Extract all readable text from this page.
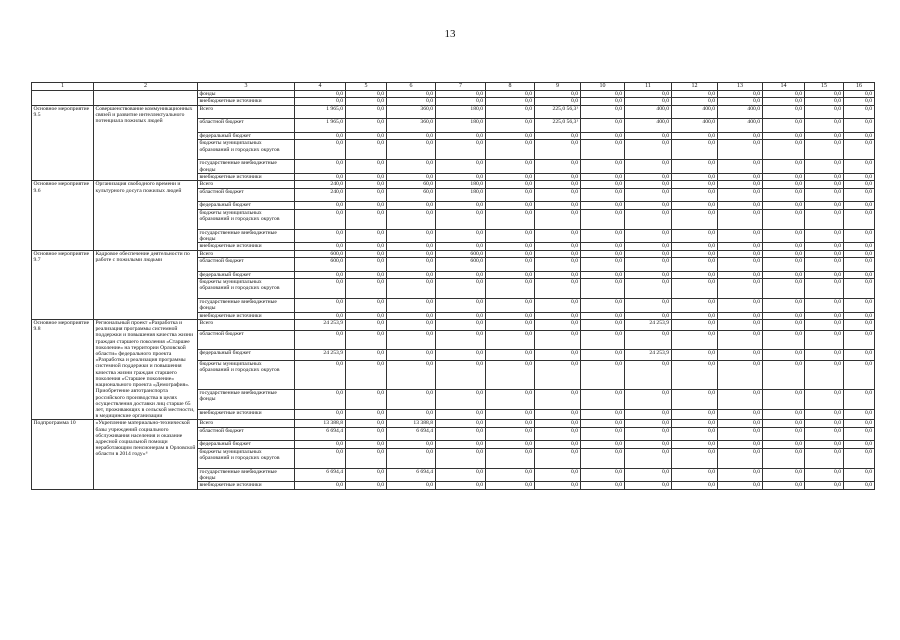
13
1	2	3	4	5	6	7	8	9	10	11	12	13	14	15	16
		фонды	0,0	0,0	0,0	0,0	0,0	0,0	0,0	0,0	0,0	0,0	0,0	0,0	0,0
		внебюджетные источники	0,0	0,0	0,0	0,0	0,0	0,0	0,0	0,0	0,0	0,0	0,0	0,0	0,0
Основное мероприятие 9.5	Совершенствование коммуникационных связей и развитие интеллектуального потенциала пожилых людей	Всего	1 965,0	0,0	360,0	180,0	0,0	225,0 56,3¹	0,0	400,0	400,0	400,0	0,0	0,0	0,0
		областной бюджет	1 965,0	0,0	360,0	180,0	0,0	225,0 56,3¹	0,0	400,0	400,0	400,0	0,0	0,0	0,0
		федеральный бюджет	0,0	0,0	0,0	0,0	0,0	0,0	0,0	0,0	0,0	0,0	0,0	0,0	0,0
		бюджеты муниципальных образований и городских округов	0,0	0,0	0,0	0,0	0,0	0,0	0,0	0,0	0,0	0,0	0,0	0,0	0,0
		государственные внебюджетные фонды	0,0	0,0	0,0	0,0	0,0	0,0	0,0	0,0	0,0	0,0	0,0	0,0	0,0
		внебюджетные источники	0,0	0,0	0,0	0,0	0,0	0,0	0,0	0,0	0,0	0,0	0,0	0,0	0,0
Основное мероприятие 9.6	Организация свободного времени и культурного досуга пожилых людей	Всего	240,0	0,0	60,0	180,0	0,0	0,0	0,0	0,0	0,0	0,0	0,0	0,0	0,0
		областной бюджет	240,0	0,0	60,0	180,0	0,0	0,0	0,0	0,0	0,0	0,0	0,0	0,0	0,0
		федеральный бюджет	0,0	0,0	0,0	0,0	0,0	0,0	0,0	0,0	0,0	0,0	0,0	0,0	0,0
		бюджеты муниципальных образований и городских округов	0,0	0,0	0,0	0,0	0,0	0,0	0,0	0,0	0,0	0,0	0,0	0,0	0,0
		государственные внебюджетные фонды	0,0	0,0	0,0	0,0	0,0	0,0	0,0	0,0	0,0	0,0	0,0	0,0	0,0
		внебюджетные источники	0,0	0,0	0,0	0,0	0,0	0,0	0,0	0,0	0,0	0,0	0,0	0,0	0,0
Основное мероприятие 9.7	Кадровое обеспечение деятельности по работе с пожилыми людьми	Всего	600,0	0,0	0,0	600,0	0,0	0,0	0,0	0,0	0,0	0,0	0,0	0,0	0,0
		областной бюджет	600,0	0,0	0,0	600,0	0,0	0,0	0,0	0,0	0,0	0,0	0,0	0,0	0,0
		федеральный бюджет	0,0	0,0	0,0	0,0	0,0	0,0	0,0	0,0	0,0	0,0	0,0	0,0	0,0
		бюджеты муниципальных образований и городских округов	0,0	0,0	0,0	0,0	0,0	0,0	0,0	0,0	0,0	0,0	0,0	0,0	0,0
		государственные внебюджетные фонды	0,0	0,0	0,0	0,0	0,0	0,0	0,0	0,0	0,0	0,0	0,0	0,0	0,0
		внебюджетные источники	0,0	0,0	0,0	0,0	0,0	0,0	0,0	0,0	0,0	0,0	0,0	0,0	0,0
Основное мероприятие 9.8	Региональный проект «Разработка и реализация программы системной поддержки и повышения качества жизни граждан старшего поколения «Старшее поколение» на территории Орловской области» федерального проекта «Разработка и реализация программы системной поддержки и повышения качества жизни граждан старшего поколения «Старшее поколение» национального проекта «Демография». Приобретение автотранспорта российского производства в целях осуществления доставки лиц старше 65 лет, проживающих в сельской местности, в медицинские организации	Всего	24 253,9	0,0	0,0	0,0	0,0	0,0	0,0	24 253,9	0,0	0,0	0,0	0,0	0,0
		областной бюджет	0,0	0,0	0,0	0,0	0,0	0,0	0,0	0,0	0,0	0,0	0,0	0,0	0,0
		федеральный бюджет	24 253,9	0,0	0,0	0,0	0,0	0,0	0,0	24 253,9	0,0	0,0	0,0	0,0	0,0
		бюджеты муниципальных образований и городских округов	0,0	0,0	0,0	0,0	0,0	0,0	0,0	0,0	0,0	0,0	0,0	0,0	0,0
		государственные внебюджетные фонды	0,0	0,0	0,0	0,0	0,0	0,0	0,0	0,0	0,0	0,0	0,0	0,0	0,0
		внебюджетные источники	0,0	0,0	0,0	0,0	0,0	0,0	0,0	0,0	0,0	0,0	0,0	0,0	0,0
Подпрограмма 10	«Укрепление материально-технической базы учреждений социального обслуживания населения и оказание адресной социальной помощи неработающим пенсионерам в Орловской области в 2014 году»⁶	Всего	13 388,8	0,0	13 388,8	0,0	0,0	0,0	0,0	0,0	0,0	0,0	0,0	0,0	0,0
		областной бюджет	6 694,4	0,0	6 694,4	0,0	0,0	0,0	0,0	0,0	0,0	0,0	0,0	0,0	0,0
		федеральный бюджет	0,0	0,0	0,0	0,0	0,0	0,0	0,0	0,0	0,0	0,0	0,0	0,0	0,0
		бюджеты муниципальных образований и городских округов	0,0	0,0	0,0	0,0	0,0	0,0	0,0	0,0	0,0	0,0	0,0	0,0	0,0
		государственные внебюджетные фонды	6 694,4	0,0	6 694,4	0,0	0,0	0,0	0,0	0,0	0,0	0,0	0,0	0,0	0,0
		внебюджетные источники	0,0	0,0	0,0	0,0	0,0	0,0	0,0	0,0	0,0	0,0	0,0	0,0	0,0
